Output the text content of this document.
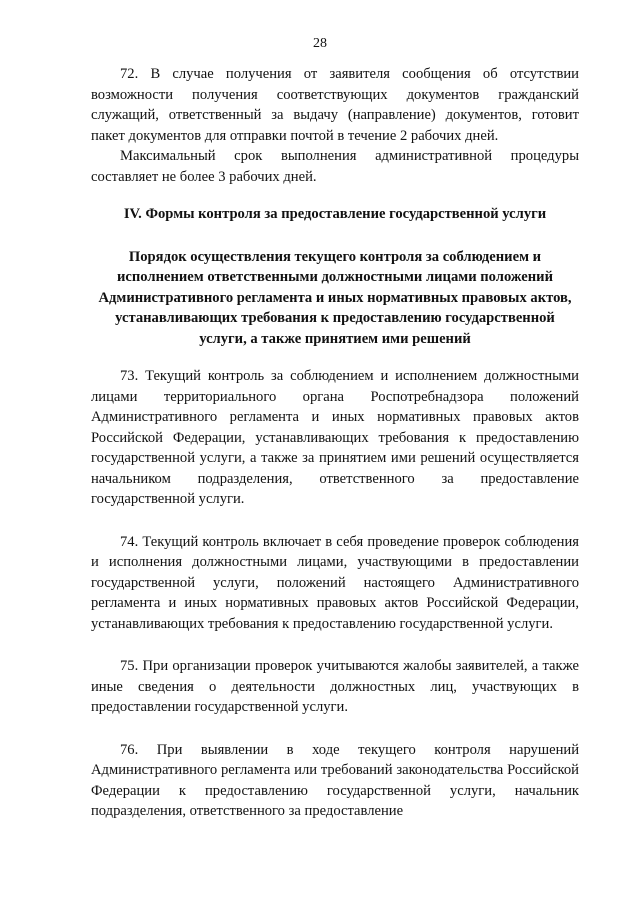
28

72. В случае получения от заявителя сообщения об отсутствии возможности получения соответствующих документов гражданский служащий, ответственный за выдачу (направление) документов, готовит пакет документов для отправки почтой в течение 2 рабочих дней.

Максимальный срок выполнения административной процедуры составляет не более 3 рабочих дней.

IV. Формы контроля за предоставление государственной услуги

Порядок осуществления текущего контроля за соблюдением и исполнением ответственными должностными лицами положений Административного регламента и иных нормативных правовых актов, устанавливающих требования к предоставлению государственной услуги, а также принятием ими решений

73. Текущий контроль за соблюдением и исполнением должностными лицами территориального органа Роспотребнадзора положений Административного регламента и иных нормативных правовых актов Российской Федерации, устанавливающих требования к предоставлению государственной услуги, а также за принятием ими решений осуществляется начальником подразделения, ответственного за предоставление государственной услуги.

74. Текущий контроль включает в себя проведение проверок соблюдения и исполнения должностными лицами, участвующими в предоставлении государственной услуги, положений настоящего Административного регламента и иных нормативных правовых актов Российской Федерации, устанавливающих требования к предоставлению государственной услуги.

75. При организации проверок учитываются жалобы заявителей, а также иные сведения о деятельности должностных лиц, участвующих в предоставлении государственной услуги.

76. При выявлении в ходе текущего контроля нарушений Административного регламента или требований законодательства Российской Федерации к предоставлению государственной услуги, начальник подразделения, ответственного за предоставление
